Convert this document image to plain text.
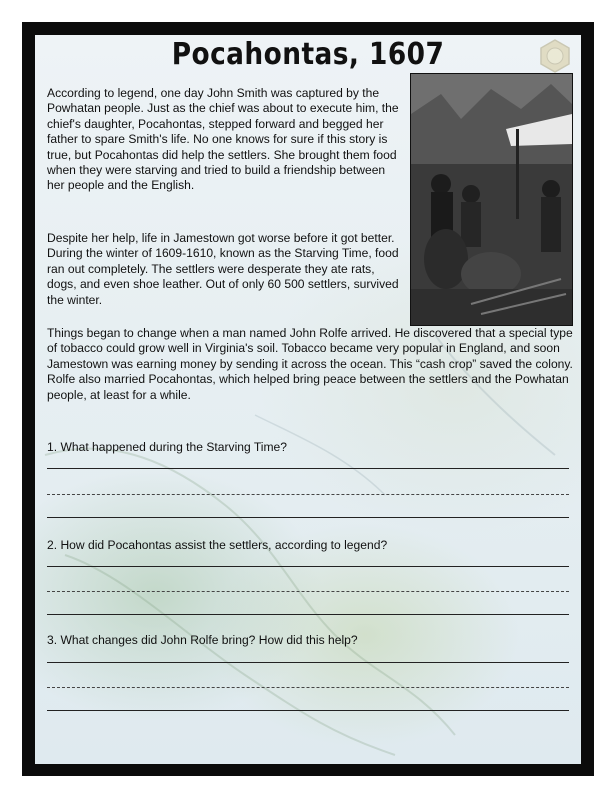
Pocahontas, 1607
According to legend, one day John Smith was captured by the Powhatan people. Just as the chief was about to execute him, the chief's daughter, Pocahontas, stepped forward and begged her father to spare Smith's life. No one knows for sure if this story is true, but Pocahontas did help the settlers. She brought them food when they were starving and tried to build a friendship between her people and the English.
Despite her help, life in Jamestown got worse before it got better. During the winter of 1609-1610, known as the Starving Time, food ran out completely. The settlers were desperate they ate rats, dogs, and even shoe leather. Out of only 60 500 settlers, survived the winter.
Things began to change when a man named John Rolfe arrived. He discovered that a special type of tobacco could grow well in Virginia's soil. Tobacco became very popular in England, and soon Jamestown was earning money by sending it across the ocean. This “cash crop” saved the colony. Rolfe also married Pocahontas, which helped bring peace between the settlers and the Powhatan people, at least for a while.
1. What happened during the Starving Time?
2. How did Pocahontas assist the settlers, according to legend?
3. What changes did John Rolfe bring? How did this help?
